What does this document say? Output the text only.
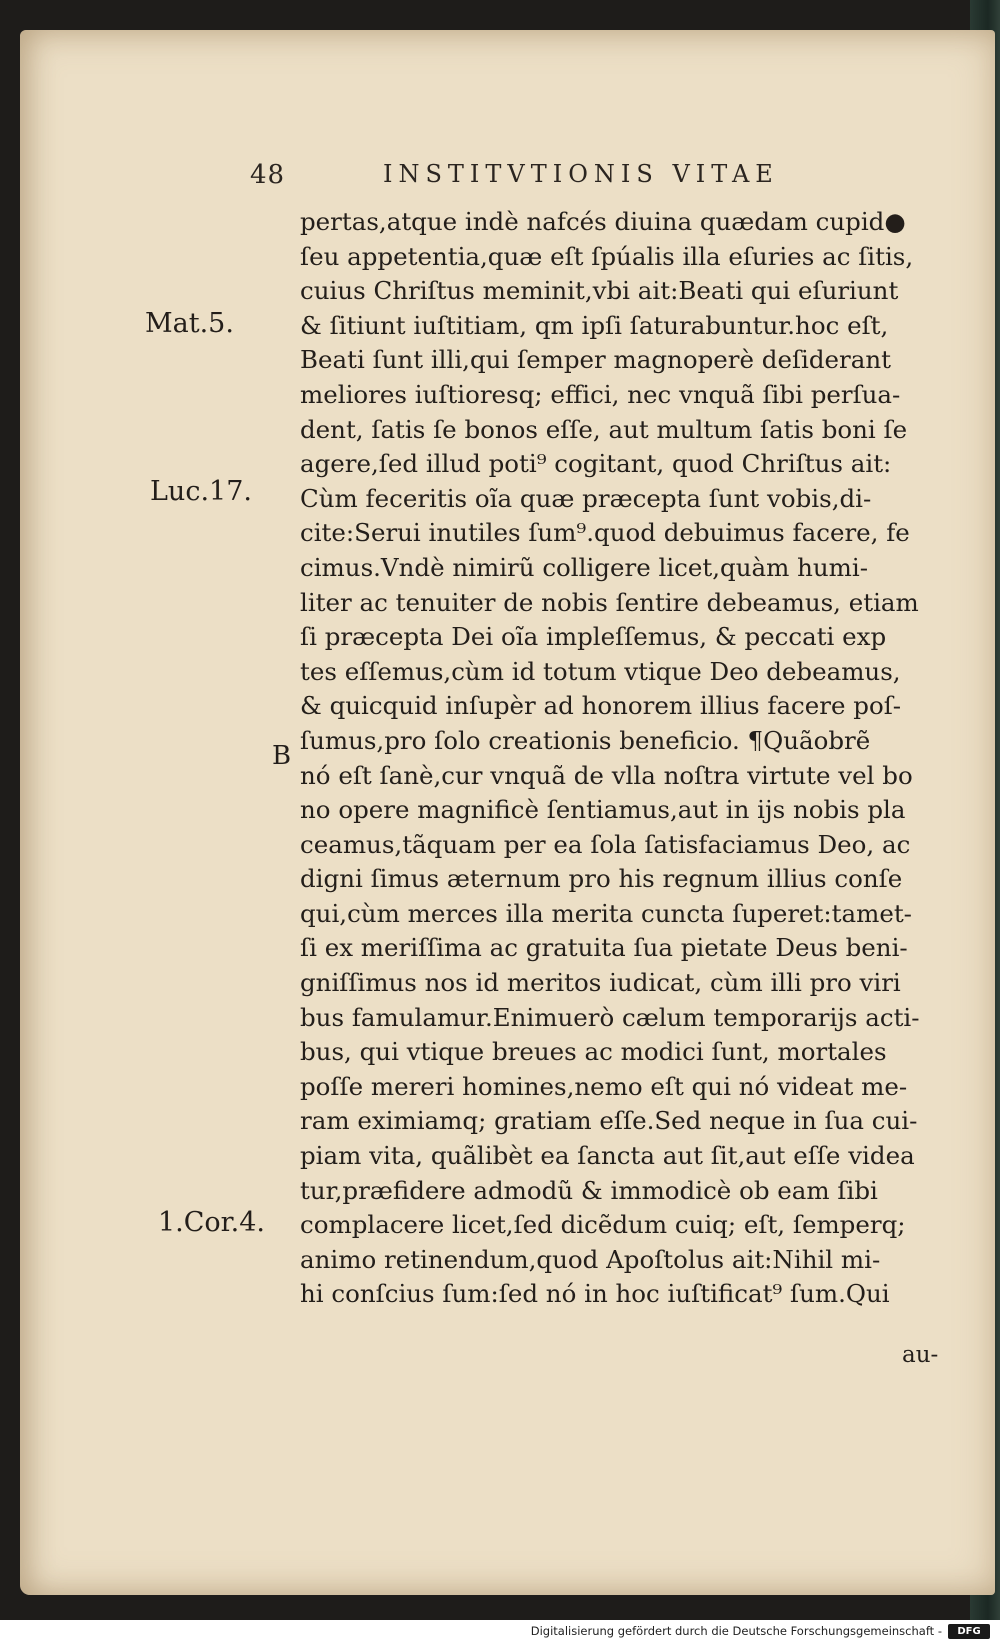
48	INSTITVTIONIS VITAE
Mat.5.
Luc.17.
1.Cor.4.
B
pertas,atque indè nafcés diuina quædam cupid●
ſeu appetentia,quæ eſt ſpúalis illa eſuries ac ſitis,
cuius Chriſtus meminit,vbi ait:Beati qui eſuriunt
& ſitiunt iuſtitiam, qm ipſi ſaturabuntur.hoc eſt,
Beati ſunt illi,qui ſemper magnoperè deſiderant
meliores iuſtioresq; effici, nec vnquã ſibi perſua-
dent, ſatis ſe bonos eſſe, aut multum ſatis boni ſe
agere,ſed illud poti⁹ cogitant, quod Chriſtus ait:
Cùm feceritis oĩa quæ præcepta ſunt vobis,di-
cite:Serui inutiles ſum⁹.quod debuimus facere, fe
cimus.Vndè nimirũ colligere licet,quàm humi-
liter ac tenuiter de nobis ſentire debeamus, etiam
ſi præcepta Dei oĩa impleſſemus, & peccati exp
tes eſſemus,cùm id totum vtique Deo debeamus,
& quicquid inſupèr ad honorem illius facere poſ-
ſumus,pro ſolo creationis beneficio. ¶Quãobrẽ
nó eſt ſanè,cur vnquã de vlla noſtra virtute vel bo
no opere magnificè ſentiamus,aut in ijs nobis pla
ceamus,tãquam per ea ſola ſatisfaciamus Deo, ac
digni ſimus æternum pro his regnum illius conſe
qui,cùm merces illa merita cuncta ſuperet:tamet-
ſi ex meriſſima ac gratuita ſua pietate Deus beni-
gniſſimus nos id meritos iudicat, cùm illi pro viri
bus famulamur.Enimuerò cælum temporarijs acti-
bus, qui vtique breues ac modici ſunt, mortales
poſſe mereri homines,nemo eſt qui nó videat me-
ram eximiamq; gratiam eſſe.Sed neque in ſua cui-
piam vita, quãlibèt ea ſancta aut ſit,aut eſſe videa
tur,præfidere admodũ & immodicè ob eam ſibi
complacere licet,ſed dicẽdum cuiq; eſt, ſemperq;
animo retinendum,quod Apoſtolus ait:Nihil mi-
hi conſcius ſum:ſed nó in hoc iuſtificat⁹ ſum.Qui
au-
Digitalisierung gefördert durch die Deutsche Forschungsgemeinschaft -	DFG
